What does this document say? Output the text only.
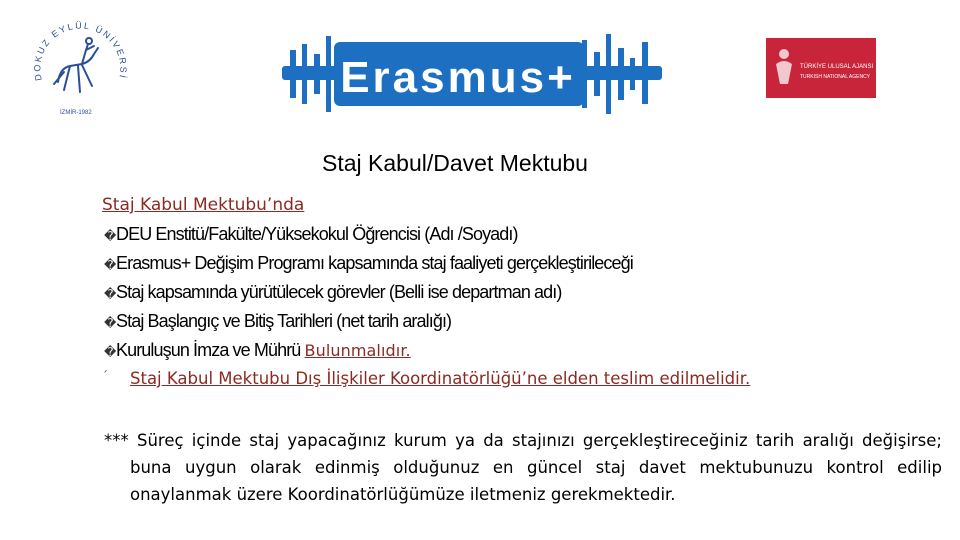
DOKUZ EYLÜL ÜNİVERSİ
İZMİR-1982
Erasmus+	TÜRKİYE ULUSAL AJANSI
TURKISH NATIONAL AGENCY
Staj Kabul/Davet Mektubu
Staj Kabul Mektubu’nda
�DEU Enstitü/Fakülte/Yüksekokul Öğrencisi (Adı /Soyadı)
�Erasmus+ Değişim Programı kapsamında staj faaliyeti gerçekleştirileceği
�Staj kapsamında yürütülecek görevler (Belli ise departman adı)
�Staj Başlangıç ve Bitiş Tarihleri (net tarih aralığı)
�Kuruluşun İmza ve Mührü Bulunmalıdır.
´ Staj Kabul Mektubu Dış İlişkiler Koordinatörlüğü’ne elden teslim edilmelidir.
*** Süreç içinde staj yapacağınız kurum ya da stajınızı gerçekleştireceğiniz tarih aralığı değişirse; buna uygun olarak edinmiş olduğunuz en güncel staj davet mektubunuzu kontrol edilip onaylanmak üzere Koordinatörlüğümüze iletmeniz gerekmektedir.
